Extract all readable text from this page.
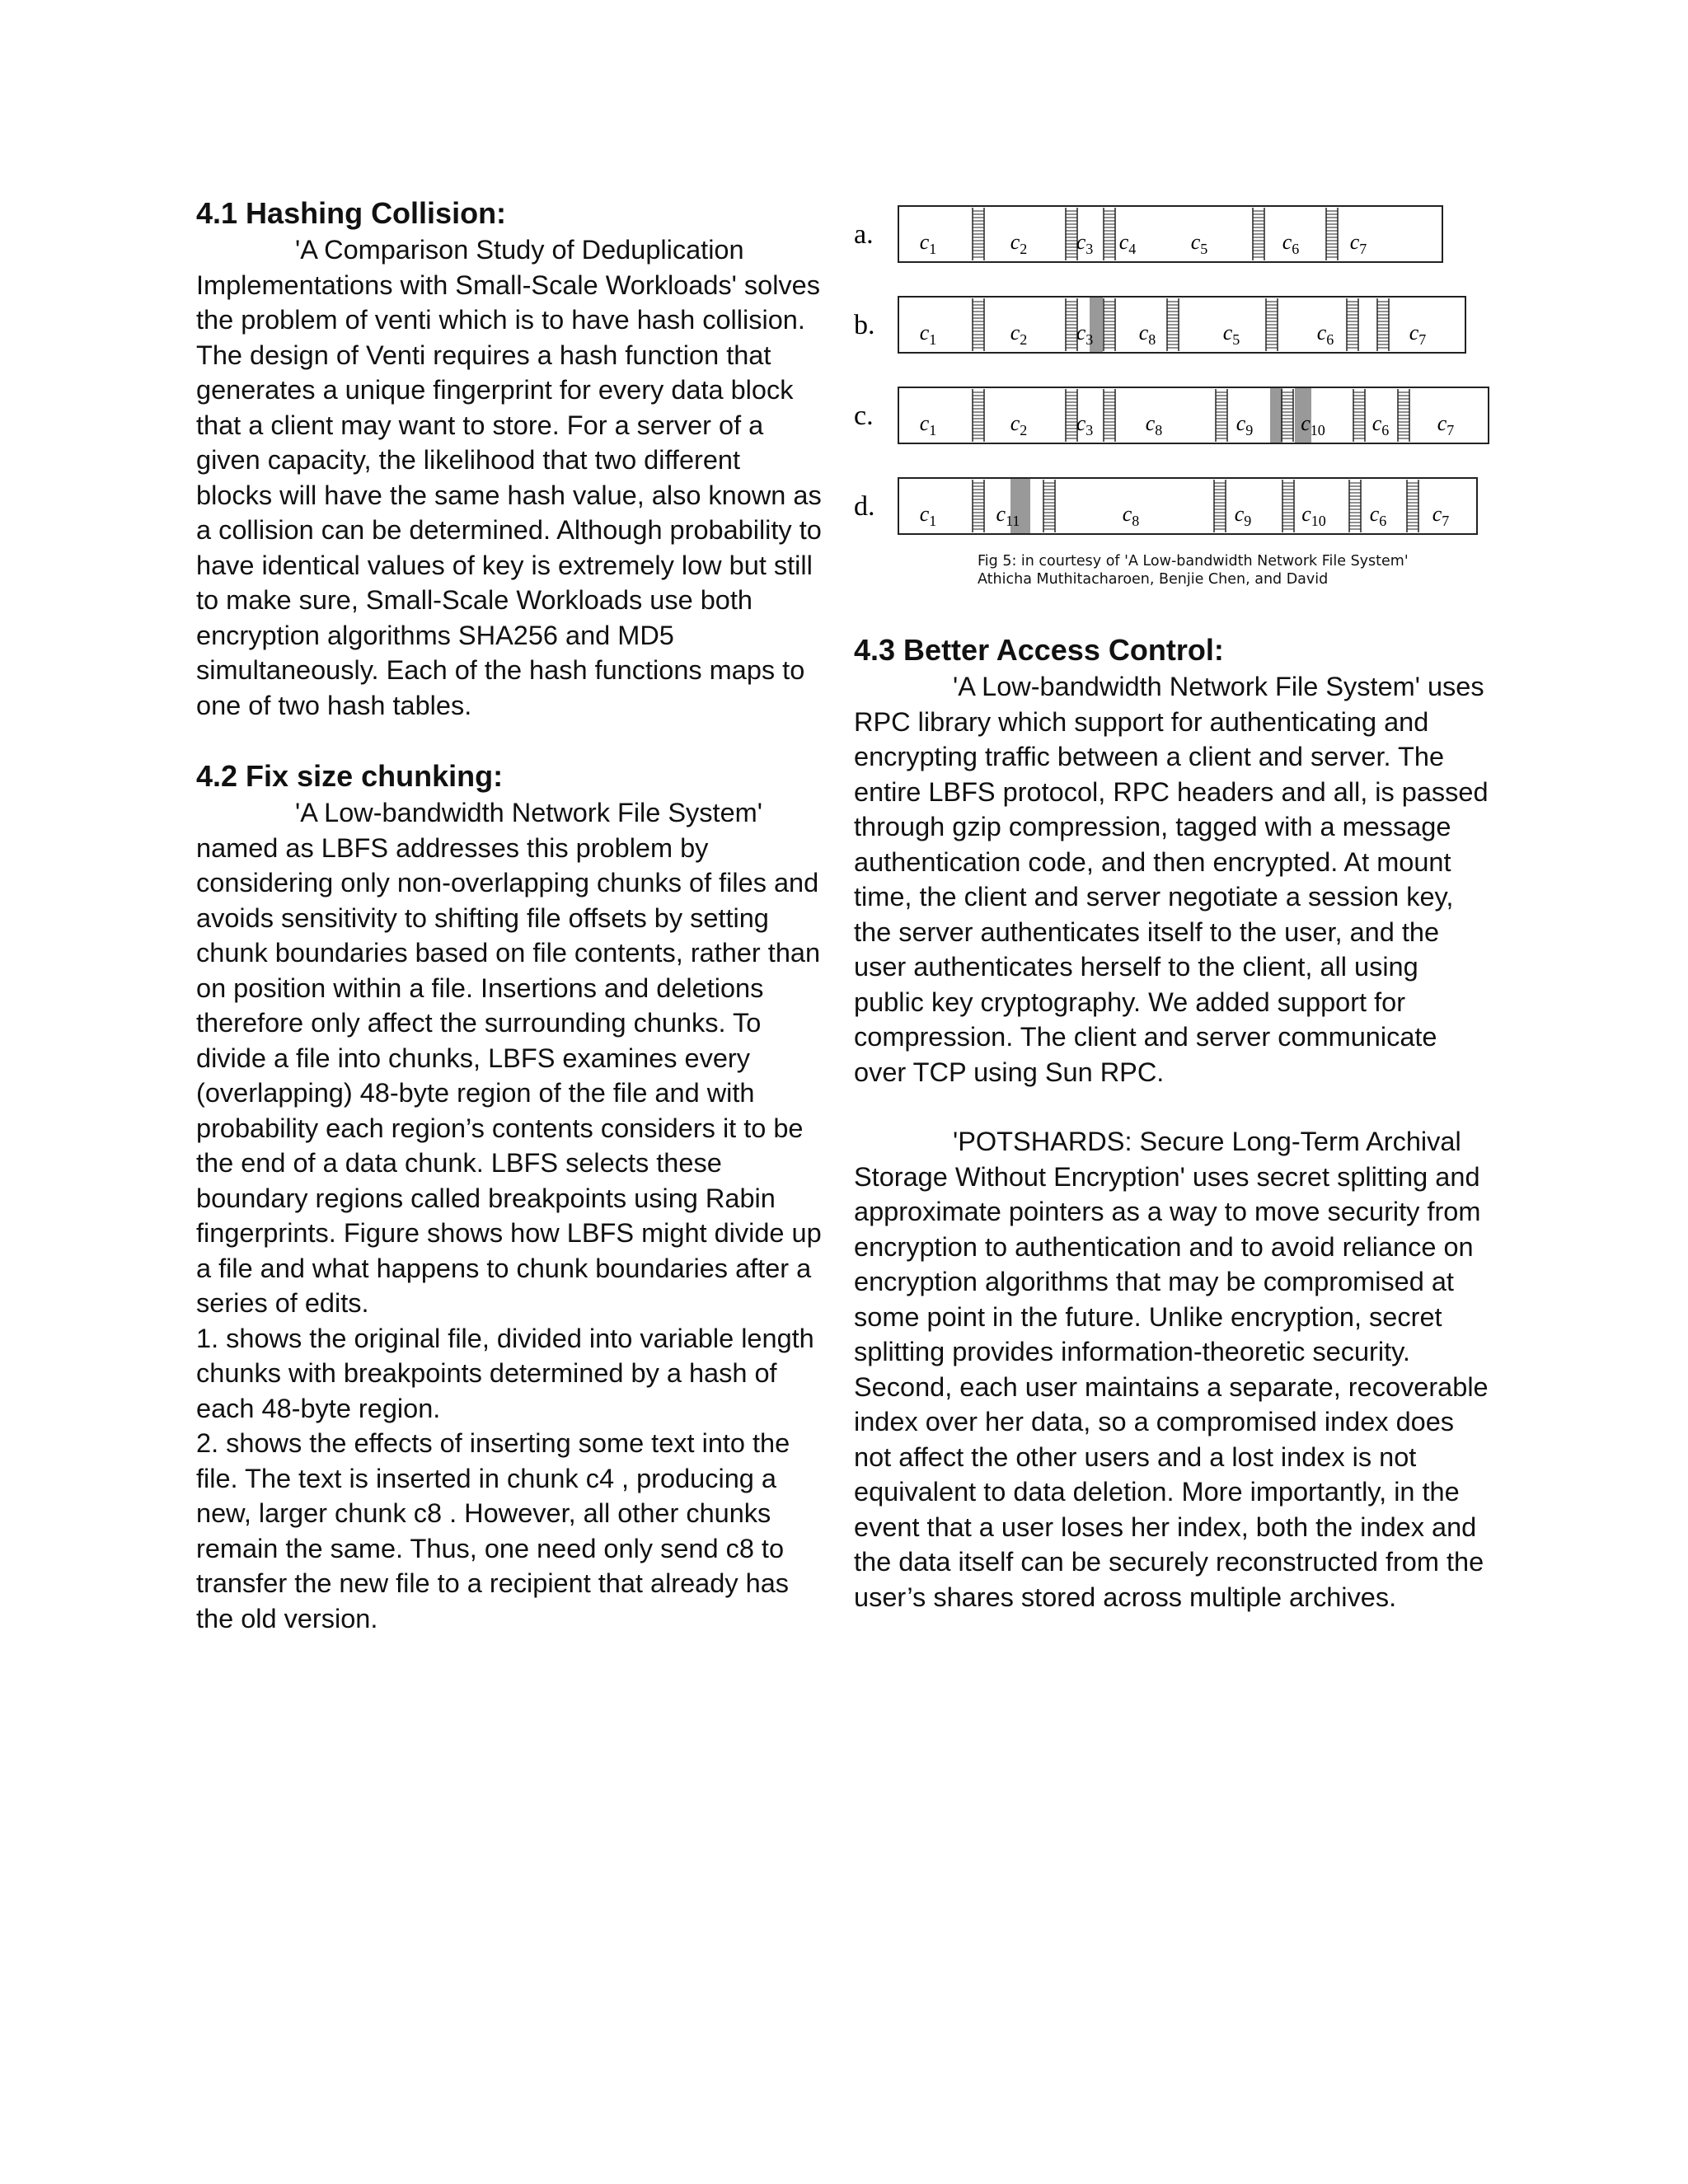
4.1 Hashing Collision:
'A Comparison Study of Deduplication Implementations with Small-Scale Workloads' solves the problem of venti which is to have hash collision. The design of Venti requires a hash function that generates a unique fingerprint for every data block that a client may want to store. For a server of a given capacity, the likelihood that two different blocks will have the same hash value, also known as a collision can be determined. Although probability to have identical values of key is extremely low but still to make sure, Small-Scale Workloads use both encryption algorithms SHA256 and MD5 simultaneously. Each of the hash functions maps to one of two hash tables.
4.2 Fix size chunking:
'A Low-bandwidth Network File System' named as LBFS addresses this problem by considering only non-overlapping chunks of files and avoids sensitivity to shifting file offsets by setting chunk boundaries based on file contents, rather than on position within a file. Insertions and deletions therefore only affect the surrounding chunks. To divide a file into chunks, LBFS examines every (overlapping) 48-byte region of the file and with probability each region’s contents considers it to be the end of a data chunk. LBFS selects these boundary regions called breakpoints using Rabin fingerprints. Figure shows how LBFS might divide up a file and what happens to chunk boundaries after a series of edits.
1. shows the original file, divided into variable length chunks with breakpoints determined by a hash of each 48-byte region.
2. shows the effects of inserting some text into the file. The text is inserted in chunk c4 , producing a new, larger chunk c8 . However, all other chunks remain the same. Thus, one need only send c8 to transfer the new file to a recipient that already has the old version.
a. $c_1$	$c_2$ $c_3$ $c_4$	$c_5$	$c_6$ $c_7$
b. $c_1$	$c_2$ $c_3$ $c_8$	$c_5$	$c_6$	$c_7$
c. $c_1$	$c_2$ $c_3$ $c_8$	$c_9$ $c_{10}$ $c_6$ $c_7$
d. $c_1$	$c_{11}$	$c_8$	$c_9$ $c_{10}$ $c_6$ $c_7$
Fig 5: in courtesy of 'A Low-bandwidth Network File System'
Athicha Muthitacharoen, Benjie Chen, and David
4.3 Better Access Control:
'A Low-bandwidth Network File System' uses RPC library which support for authenticating and encrypting traffic between a client and server. The entire LBFS protocol, RPC headers and all, is passed through gzip compression, tagged with a message authentication code, and then encrypted. At mount time, the client and server negotiate a session key, the server authenticates itself to the user, and the user authenticates herself to the client, all using public key cryptography. We added support for compression. The client and server communicate over TCP using Sun RPC.
'POTSHARDS: Secure Long-Term Archival Storage Without Encryption' uses secret splitting and approximate pointers as a way to move security from encryption to authentication and to avoid reliance on encryption algorithms that may be compromised at some point in the future. Unlike encryption, secret splitting provides information-theoretic security. Second, each user maintains a separate, recoverable index over her data, so a compromised index does not affect the other users and a lost index is not equivalent to data deletion. More importantly, in the event that a user loses her index, both the index and the data itself can be securely reconstructed from the user’s shares stored across multiple archives.
